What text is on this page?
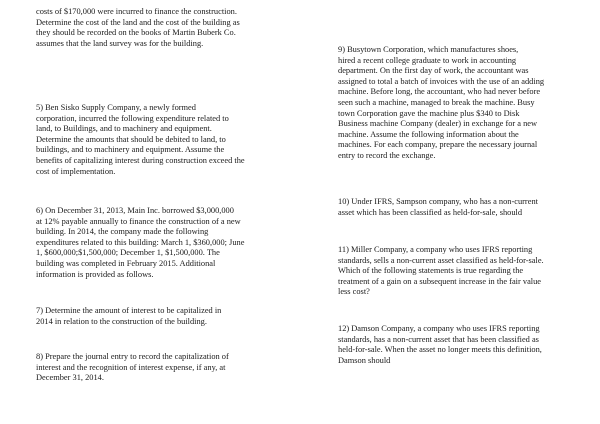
costs of $170,000 were incurred to finance the construction.
Determine the cost of the land and the cost of the building as
they should be recorded on the books of Martin Buberk Co.
assumes that the land survey was for the building.

5) Ben Sisko Supply Company, a newly formed
corporation, incurred the following expenditure related to
land, to Buildings, and to machinery and equipment.
Determine the amounts that should be debited to land, to
buildings, and to machinery and equipment. Assume the
benefits of capitalizing interest during construction exceed the
cost of implementation.

6) On December 31, 2013, Main Inc. borrowed $3,000,000
at 12% payable annually to finance the construction of a new
building. In 2014, the company made the following
expenditures related to this building: March 1, $360,000; June
1, $600,000;$1,500,000; December 1, $1,500,000. The
building was completed in February 2015. Additional
information is provided as follows.

7) Determine the amount of interest to be capitalized in
2014 in relation to the construction of the building.

8) Prepare the journal entry to record the capitalization of
interest and the recognition of interest expense, if any, at
December 31, 2014.

9) Busytown Corporation, which manufactures shoes,
hired a recent college graduate to work in accounting
department. On the first day of work, the accountant was
assigned to total a batch of invoices with the use of an adding
machine. Before long, the accountant, who had never before
seen such a machine, managed to break the machine. Busy
town Corporation gave the machine plus $340 to Disk
Business machine Company (dealer) in exchange for a new
machine. Assume the following information about the
machines. For each company, prepare the necessary journal
entry to record the exchange.

10) Under IFRS, Sampson company, who has a non-current
asset which has been classified as held-for-sale, should

11) Miller Company, a company who uses IFRS reporting
standards, sells a non-current asset classified as held-for-sale.
Which of the following statements is true regarding the
treatment of a gain on a subsequent increase in the fair value
less cost?

12) Damson Company, a company who uses IFRS reporting
standards, has a non-current asset that has been classified as
held-for-sale. When the asset no longer meets this definition,
Damson should
